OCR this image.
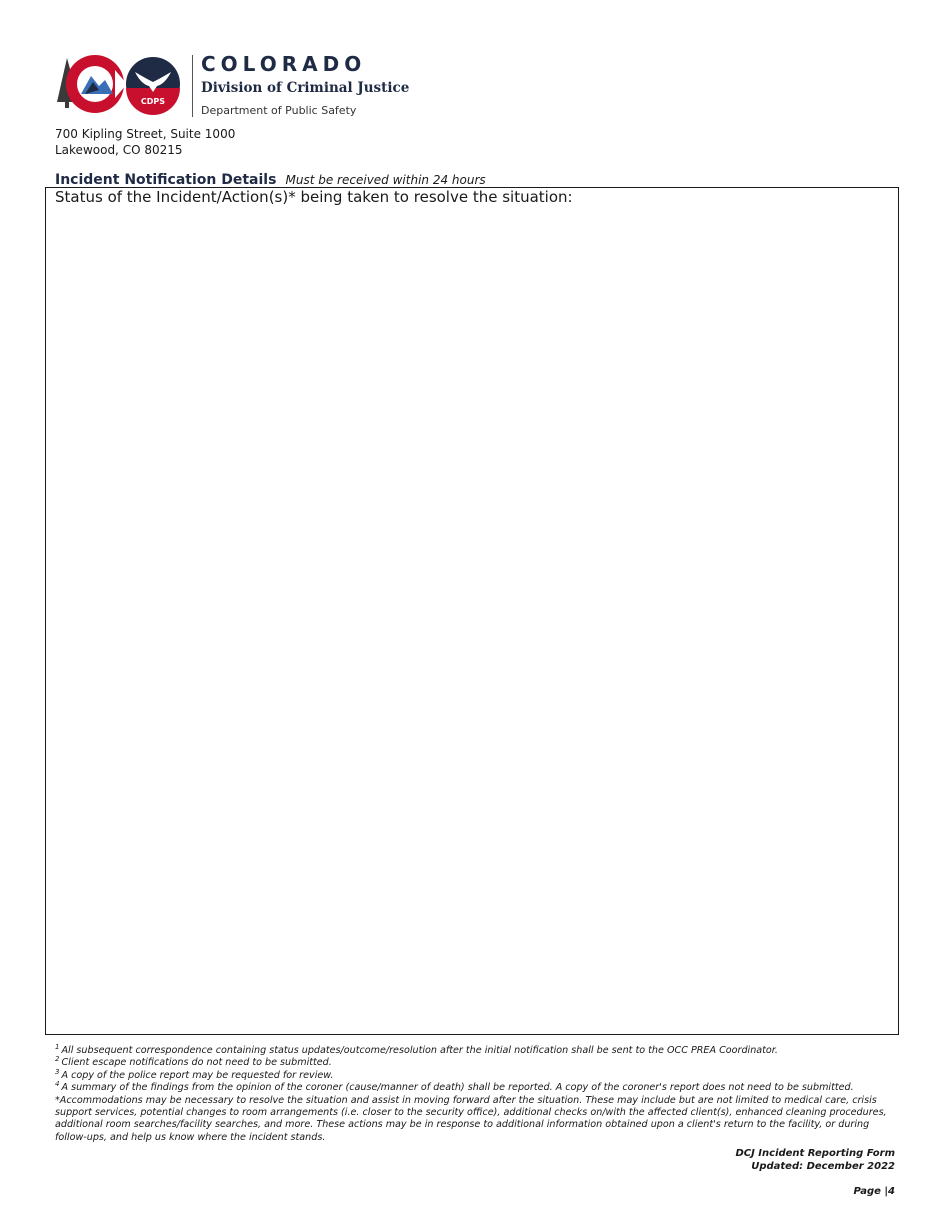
CDPS
COLORADO
Division of Criminal Justice
Department of Public Safety
700 Kipling Street, Suite 1000
Lakewood, CO 80215
Incident Notification Details Must be received within 24 hours
Status of the Incident/Action(s)* being taken to resolve the situation:
$^1$ All subsequent correspondence containing status updates/outcome/resolution after the initial notification shall be sent to the OCC PREA Coordinator.
$^2$ Client escape notifications do not need to be submitted.
$^3$ A copy of the police report may be requested for review.
$^4$ A summary of the findings from the opinion of the coroner (cause/manner of death) shall be reported. A copy of the coroner's report does not need to be submitted.
*Accommodations may be necessary to resolve the situation and assist in moving forward after the situation. These may include but are not limited to medical care, crisis support services, potential changes to room arrangements (i.e. closer to the security office), additional checks on/with the affected client(s), enhanced cleaning procedures, additional room searches/facility searches, and more. These actions may be in response to additional information obtained upon a client's return to the facility, or during follow-ups, and help us know where the incident stands.
DCJ Incident Reporting Form
Updated: December 2022
Page |4
